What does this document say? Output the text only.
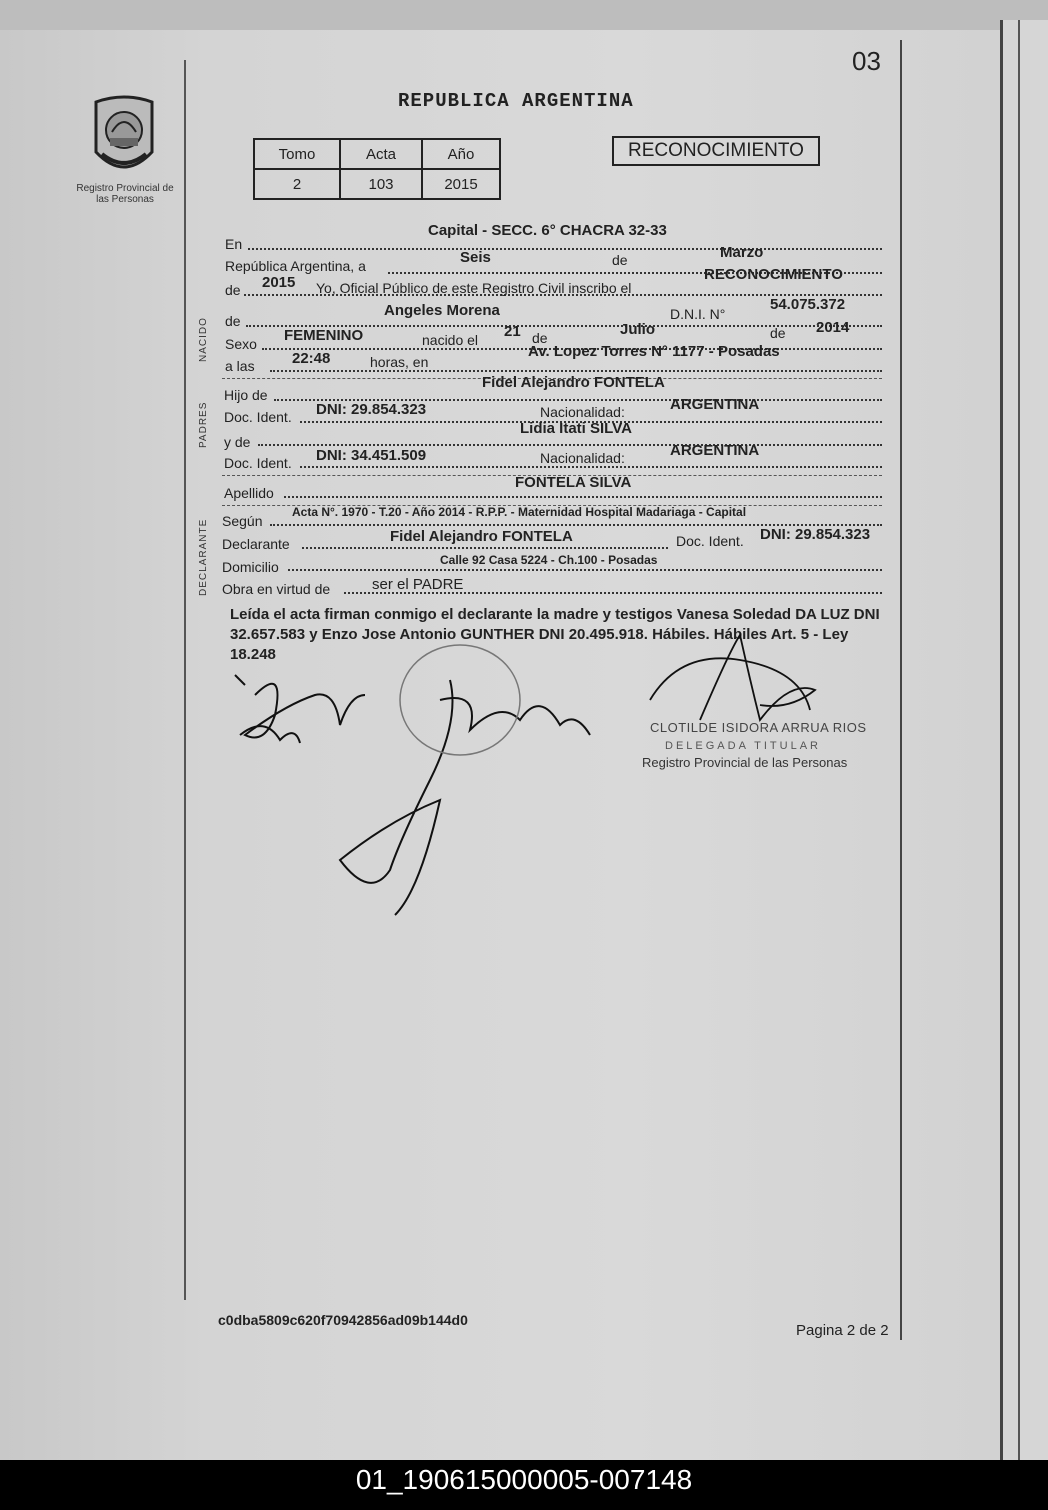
03
Registro Provincial de las Personas
REPUBLICA ARGENTINA
Tomo	Acta	Año
2	103	2015
RECONOCIMIENTO
NACIDO
PADRES
DECLARANTE
En
Capital - SECC. 6° CHACRA 32-33
República Argentina, a	Seis	de	Marzo
de 2015 Yo, Oficial Público de este Registro Civil inscribo el
RECONOCIMIENTO
de
Angeles Morena	D.N.I. N°
54.075.372
Sexo FEMENINO	nacido el 21 de	Julio	de 2014
a las 22:48	horas, en
Av. Lopez Torres N° 1177 - Posadas
Hijo de
Fidel Alejandro FONTELA
Doc. Ident. DNI: 29.854.323	Nacionalidad:	ARGENTINA
y de
Lidia Itati SILVA
Doc. Ident. DNI: 34.451.509	Nacionalidad:	ARGENTINA
Apellido
FONTELA SILVA
Según
Acta N°. 1970 - T.20 - Año 2014 - R.P.P. - Maternidad Hospital Madariaga - Capital
Declarante	Fidel Alejandro FONTELA	Doc. Ident. DNI: 29.854.323
Domicilio	Calle 92 Casa 5224 - Ch.100 - Posadas
Obra en virtud de	ser el PADRE
Leída el acta firman conmigo el declarante la madre y testigos Vanesa Soledad DA LUZ DNI 32.657.583 y Enzo Jose Antonio GUNTHER DNI 20.495.918. Hábiles. Hábiles Art. 5 - Ley 18.248
CLOTILDE ISIDORA ARRUA RIOS
DELEGADA TITULAR
Registro Provincial de las Personas
c0dba5809c620f70942856ad09b144d0
Pagina 2 de 2
01_190615000005-007148
